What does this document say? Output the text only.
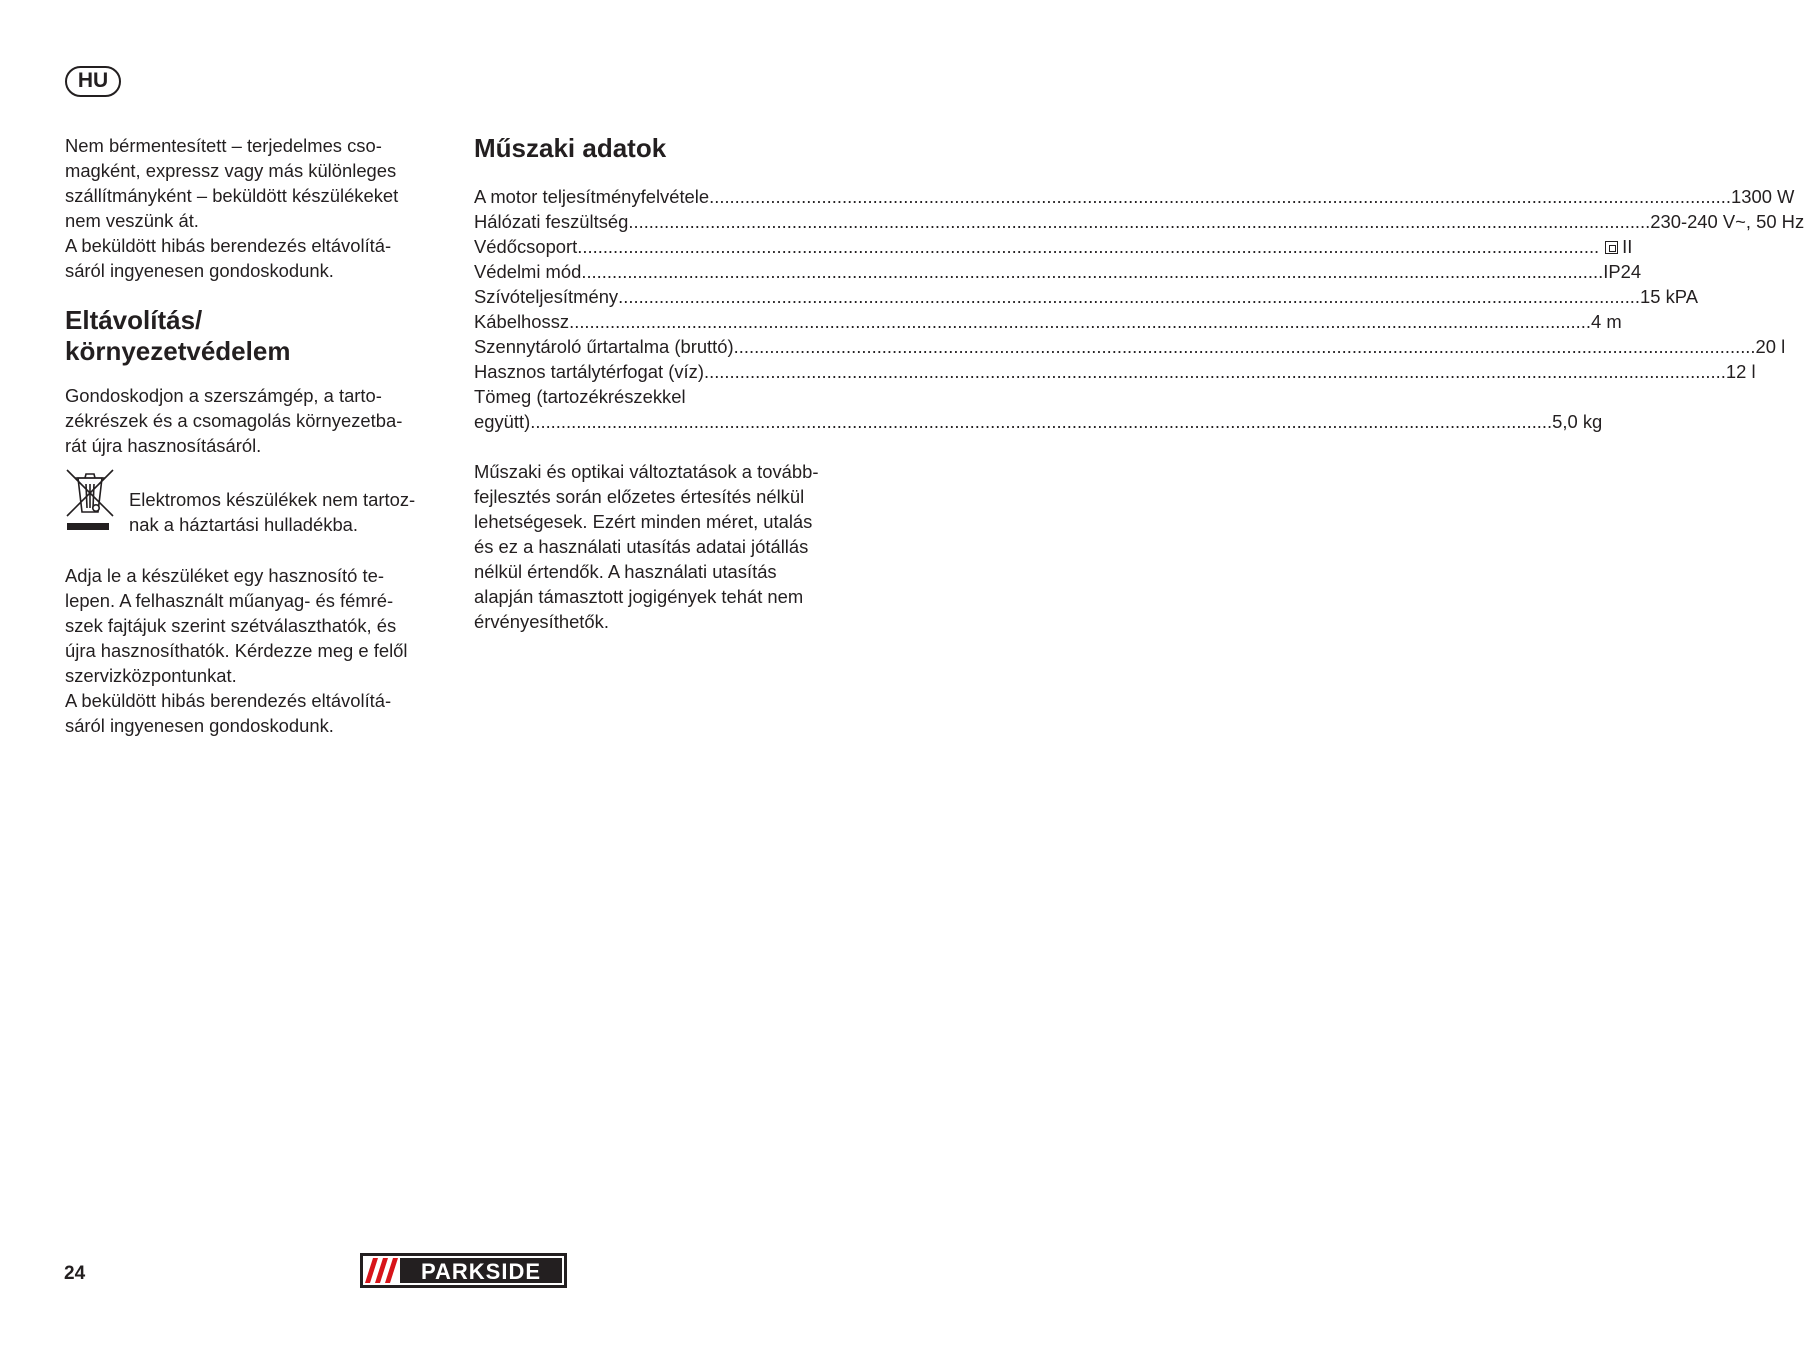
HU

Nem bérmentesített – terjedelmes cso-
magként, expressz vagy más különleges
szállítmányként – beküldött készülékeket
nem veszünk át.
A beküldött hibás berendezés eltávolítá-
sáról ingyenesen gondoskodunk.

Eltávolítás/
környezetvédelem

Gondoskodjon a szerszámgép, a tarto-
zékrészek és a csomagolás környezetba-
rát újra hasznosításáról.

Elektromos készülékek nem tartoz-
nak a háztartási hulladékba.

Adja le a készüléket egy hasznosító te-
lepen. A felhasznált műanyag- és fémré-
szek fajtájuk szerint szétválaszthatók, és
újra hasznosíthatók. Kérdezze meg e felől
szervizközpontunkat.
A beküldött hibás berendezés eltávolítá-
sáról ingyenesen gondoskodunk.

Műszaki adatok
A motor teljesítményfelvétele ........................................................................................................................................................................................................ 1300 W
Hálózati feszültség ........................................................................................................................................................................................................ 230-240 V~, 50 Hz
Védőcsoport ........................................................................................................................................................................................................	II
Védelmi mód ........................................................................................................................................................................................................ IP24
Szívóteljesítmény ........................................................................................................................................................................................................ 15 kPA
Kábelhossz ........................................................................................................................................................................................................ 4 m
Szennytároló űrtartalma (bruttó) ........................................................................................................................................................................................................ 20 l
Hasznos tartálytérfogat (víz) ........................................................................................................................................................................................................ 12 l
Tömeg (tartozékrészekkel
együtt) ........................................................................................................................................................................................................ 5,0 kg

Műszaki és optikai változtatások a tovább-
fejlesztés során előzetes értesítés nélkül
lehetségesek. Ezért minden méret, utalás
és ez a használati utasítás adatai jótállás
nélkül értendők. A használati utasítás
alapján támasztott jogigények tehát nem
érvényesíthetők.

24	PARKSIDE
